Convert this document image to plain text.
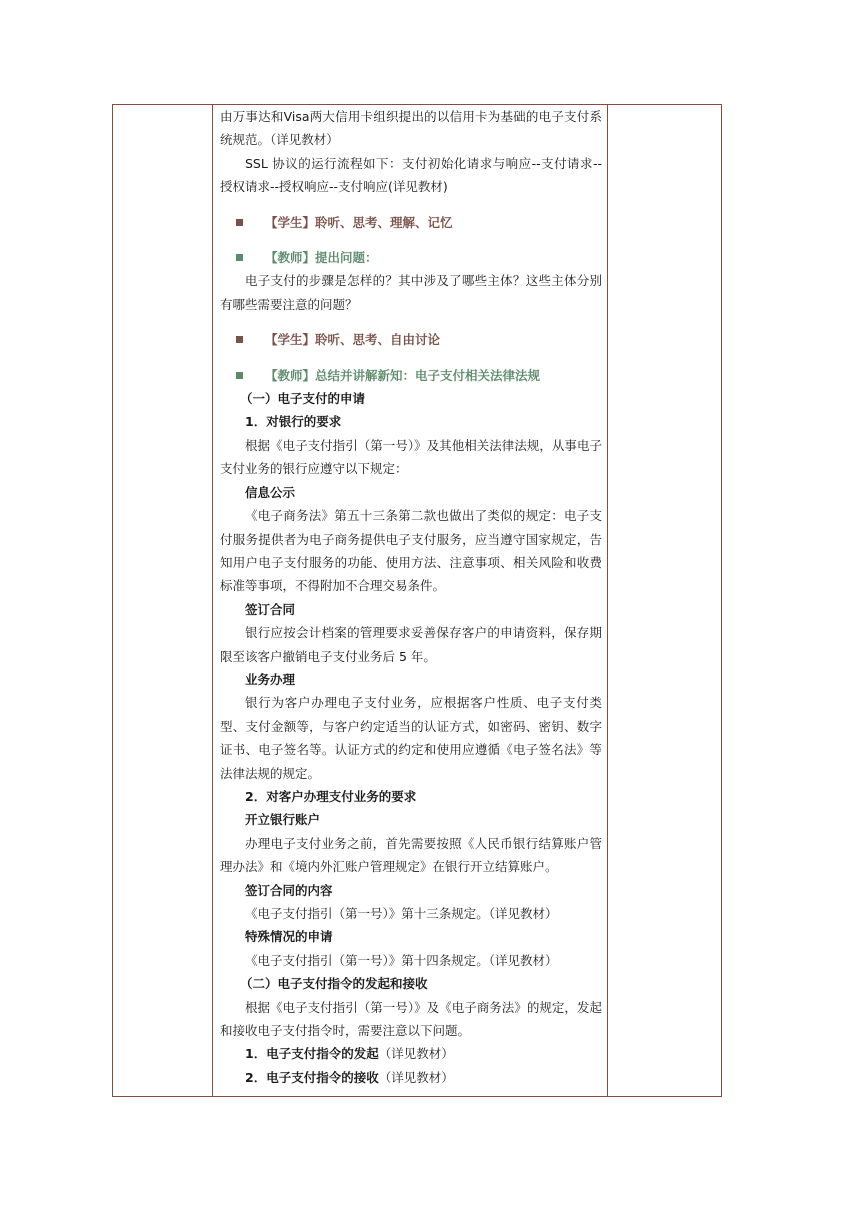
由万事达和Visa两大信用卡组织提出的以信用卡为基础的电子支付系统规范。（详见教材）

SSL 协议的运行流程如下：支付初始化请求与响应--支付请求--授权请求--授权响应--支付响应(详见教材)

【学生】聆听、思考、理解、记忆

【教师】提出问题：

电子支付的步骤是怎样的？其中涉及了哪些主体？这些主体分别有哪些需要注意的问题？

【学生】聆听、思考、自由讨论

【教师】总结并讲解新知：电子支付相关法律法规

（一）电子支付的申请

1．对银行的要求

根据《电子支付指引（第一号）》及其他相关法律法规，从事电子支付业务的银行应遵守以下规定：

信息公示

《电子商务法》第五十三条第二款也做出了类似的规定：电子支付服务提供者为电子商务提供电子支付服务，应当遵守国家规定，告知用户电子支付服务的功能、使用方法、注意事项、相关风险和收费标准等事项，不得附加不合理交易条件。

签订合同

银行应按会计档案的管理要求妥善保存客户的申请资料，保存期限至该客户撤销电子支付业务后 5 年。

业务办理

银行为客户办理电子支付业务，应根据客户性质、电子支付类型、支付金额等，与客户约定适当的认证方式，如密码、密钥、数字证书、电子签名等。认证方式的约定和使用应遵循《电子签名法》等法律法规的规定。

2．对客户办理支付业务的要求

开立银行账户

办理电子支付业务之前，首先需要按照《人民币银行结算账户管理办法》和《境内外汇账户管理规定》在银行开立结算账户。

签订合同的内容

《电子支付指引（第一号）》第十三条规定。（详见教材）

特殊情况的申请

《电子支付指引（第一号）》第十四条规定。（详见教材）

（二）电子支付指令的发起和接收

根据《电子支付指引（第一号）》及《电子商务法》的规定，发起和接收电子支付指令时，需要注意以下问题。

1．电子支付指令的发起（详见教材）

2．电子支付指令的接收（详见教材）
